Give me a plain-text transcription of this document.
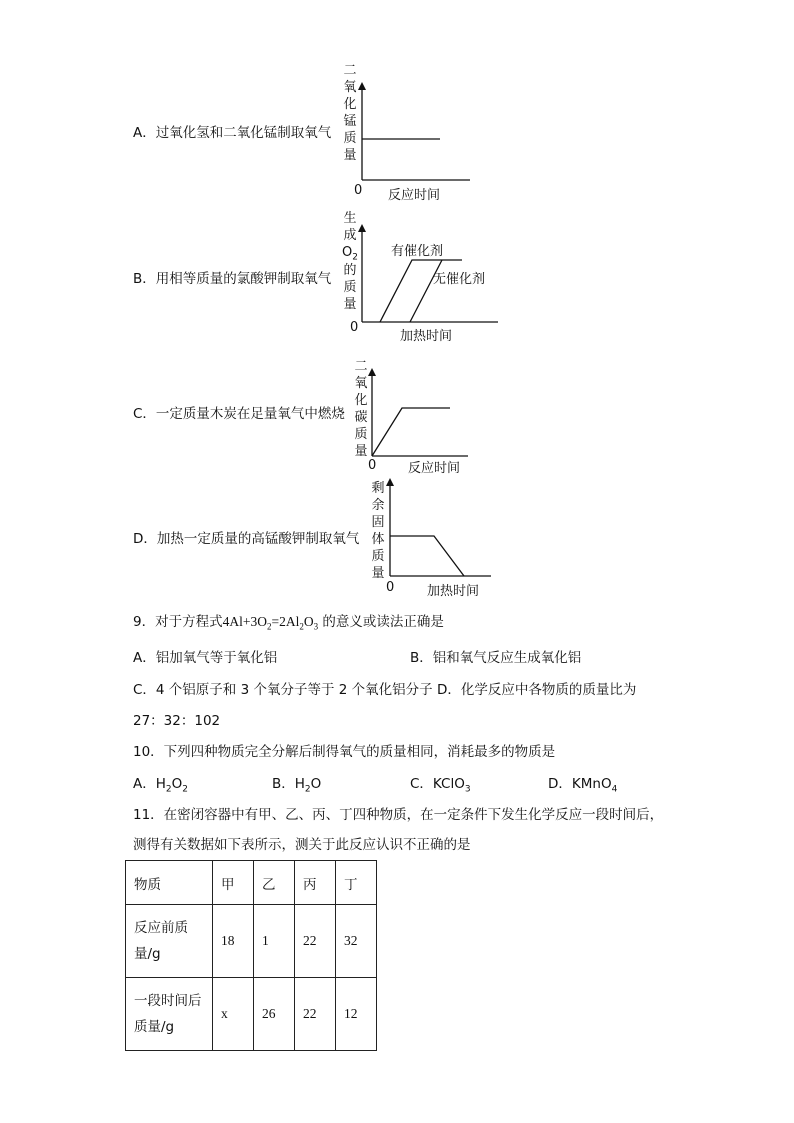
A．过氧化氢和二氧化锰制取氧气
二氧化锰质量
0 反应时间
B．用相等质量的氯酸钾制取氧气
生成
$O_2$
的质量
有催化剂
无催化剂
0
加热时间
C．一定质量木炭在足量氧气中燃烧
二氧化碳质量
0 反应时间
D．加热一定质量的高锰酸钾制取氧气
剩余固体质量
0	加热时间
9．对于方程式$4Al+3O_2=2Al_2O_3$ 的意义或读法正确是
A．铝加氧气等于氧化铝	B．铝和氧气反应生成氧化铝
C．4 个铝原子和 3 个氧分子等于 2 个氧化铝分子 D．化学反应中各物质的质量比为
27：32：102
10．下列四种物质完全分解后制得氧气的质量相同，消耗最多的物质是
A．$H_2O_2$	B．$H_2O$	C．KClO$_3$	D．KMnO$_4$
11．在密闭容器中有甲、乙、丙、丁四种物质，在一定条件下发生化学反应一段时间后，
测得有关数据如下表所示，测关于此反应认识不正确的是
物质	甲	乙	丙	丁
反应前质量/g	18	1	22	32
一段时间后质量/g	x	26	22	12
